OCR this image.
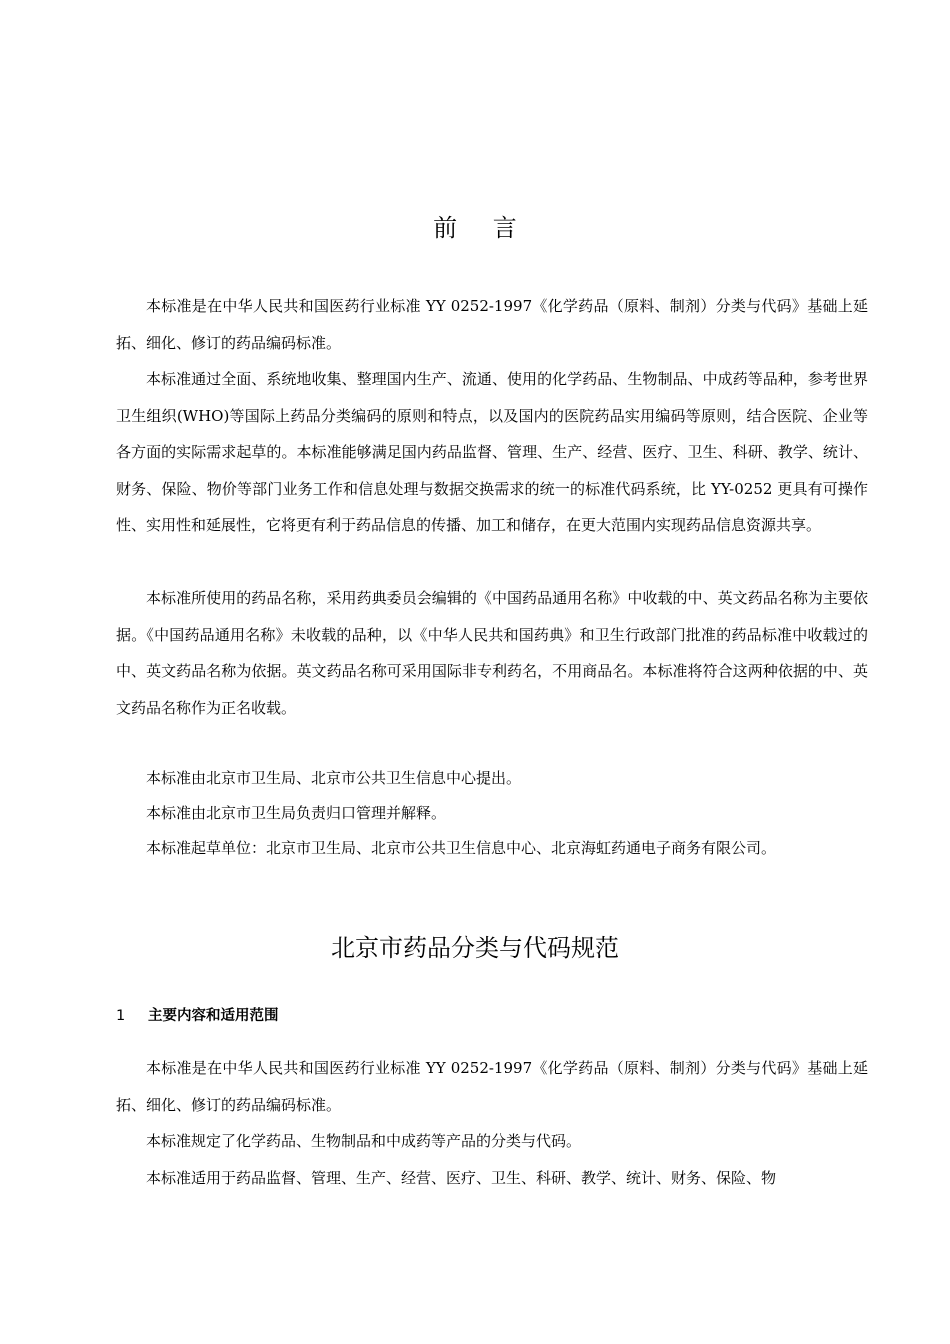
前 言

本标准是在中华人民共和国医药行业标准 YY 0252-1997《化学药品（原料、制剂）分类与代码》基础上延拓、细化、修订的药品编码标准。

本标准通过全面、系统地收集、整理国内生产、流通、使用的化学药品、生物制品、中成药等品种，参考世界卫生组织(WHO)等国际上药品分类编码的原则和特点，以及国内的医院药品实用编码等原则，结合医院、企业等各方面的实际需求起草的。本标准能够满足国内药品监督、管理、生产、经营、医疗、卫生、科研、教学、统计、财务、保险、物价等部门业务工作和信息处理与数据交换需求的统一的标准代码系统，比 YY-0252 更具有可操作性、实用性和延展性，它将更有利于药品信息的传播、加工和储存，在更大范围内实现药品信息资源共享。

本标准所使用的药品名称，采用药典委员会编辑的《中国药品通用名称》中收载的中、英文药品名称为主要依据。《中国药品通用名称》未收载的品种，以《中华人民共和国药典》和卫生行政部门批准的药品标准中收载过的中、英文药品名称为依据。英文药品名称可采用国际非专利药名，不用商品名。本标准将符合这两种依据的中、英文药品名称作为正名收载。

本标准由北京市卫生局、北京市公共卫生信息中心提出。

本标准由北京市卫生局负责归口管理并解释。

本标准起草单位：北京市卫生局、北京市公共卫生信息中心、北京海虹药通电子商务有限公司。

北京市药品分类与代码规范
1 主要内容和适用范围

本标准是在中华人民共和国医药行业标准 YY 0252-1997《化学药品（原料、制剂）分类与代码》基础上延拓、细化、修订的药品编码标准。

本标准规定了化学药品、生物制品和中成药等产品的分类与代码。

本标准适用于药品监督、管理、生产、经营、医疗、卫生、科研、教学、统计、财务、保险、物
